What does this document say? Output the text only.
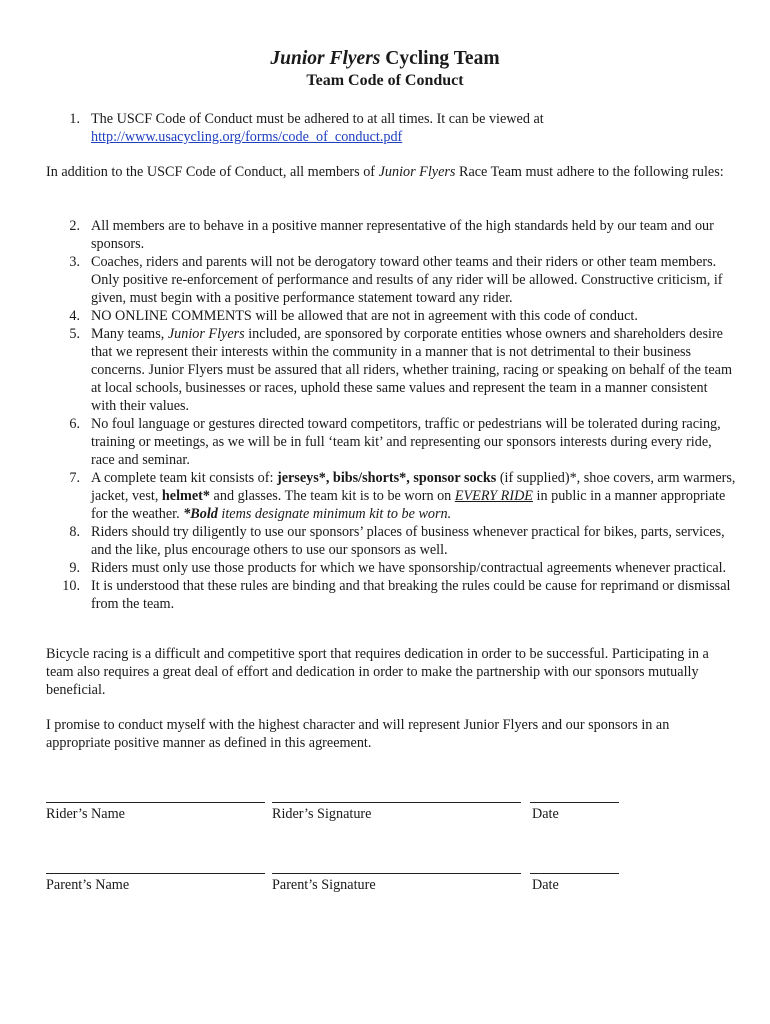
Junior Flyers Cycling Team
Team Code of Conduct
1. The USCF Code of Conduct must be adhered to at all times. It can be viewed at
http://www.usacycling.org/forms/code_of_conduct.pdf

In addition to the USCF Code of Conduct, all members of Junior Flyers Race Team must adhere to the following rules:

2. All members are to behave in a positive manner representative of the high standards held by our team and our sponsors.
3. Coaches, riders and parents will not be derogatory toward other teams and their riders or other team members. Only positive re-enforcement of performance and results of any rider will be allowed. Constructive criticism, if given, must begin with a positive performance statement toward any rider.
4. NO ONLINE COMMENTS will be allowed that are not in agreement with this code of conduct.
5. Many teams, Junior Flyers included, are sponsored by corporate entities whose owners and shareholders desire that we represent their interests within the community in a manner that is not detrimental to their business concerns. Junior Flyers must be assured that all riders, whether training, racing or speaking on behalf of the team at local schools, businesses or races, uphold these same values and represent the team in a manner consistent with their values.
6. No foul language or gestures directed toward competitors, traffic or pedestrians will be tolerated during racing, training or meetings, as we will be in full ‘team kit’ and representing our sponsors interests during every ride, race and seminar.
7. A complete team kit consists of: jerseys*, bibs/shorts*, sponsor socks (if supplied)*, shoe covers, arm warmers, jacket, vest, helmet* and glasses. The team kit is to be worn on EVERY RIDE in public in a manner appropriate for the weather. *Bold items designate minimum kit to be worn.
8. Riders should try diligently to use our sponsors’ places of business whenever practical for bikes, parts, services, and the like, plus encourage others to use our sponsors as well.
9. Riders must only use those products for which we have sponsorship/contractual agreements whenever practical.
10. It is understood that these rules are binding and that breaking the rules could be cause for reprimand or dismissal from the team.

Bicycle racing is a difficult and competitive sport that requires dedication in order to be successful. Participating in a team also requires a great deal of effort and dedication in order to make the partnership with our sponsors mutually beneficial.

I promise to conduct myself with the highest character and will represent Junior Flyers and our sponsors in an appropriate positive manner as defined in this agreement.

Rider’s Name	Rider’s Signature	Date
Parent’s Name	Parent’s Signature	Date
